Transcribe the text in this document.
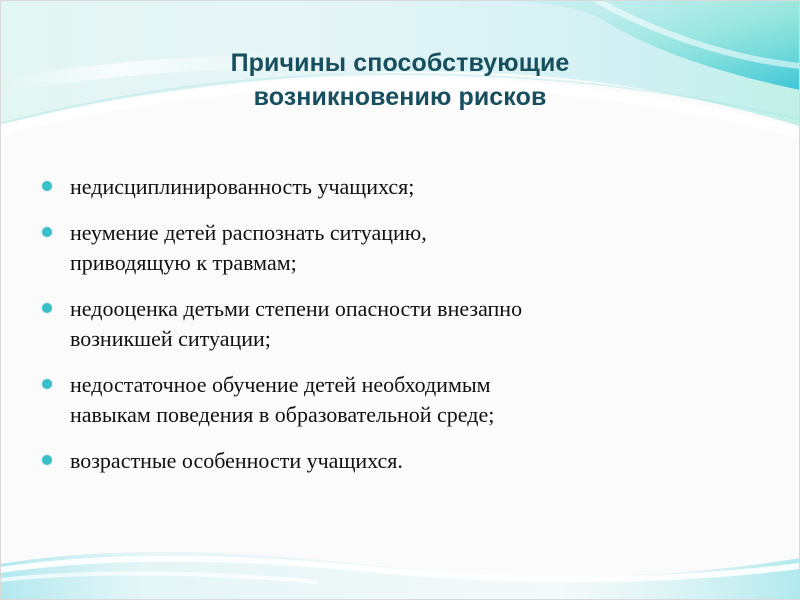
Причины способствующие
возникновению рисков
недисциплинированность учащихся;
неумение детей распознать ситуацию,
приводящую к травмам;
недооценка детьми степени опасности внезапно
возникшей ситуации;
недостаточное обучение детей необходимым
навыкам поведения в образовательной среде;
возрастные особенности учащихся.
